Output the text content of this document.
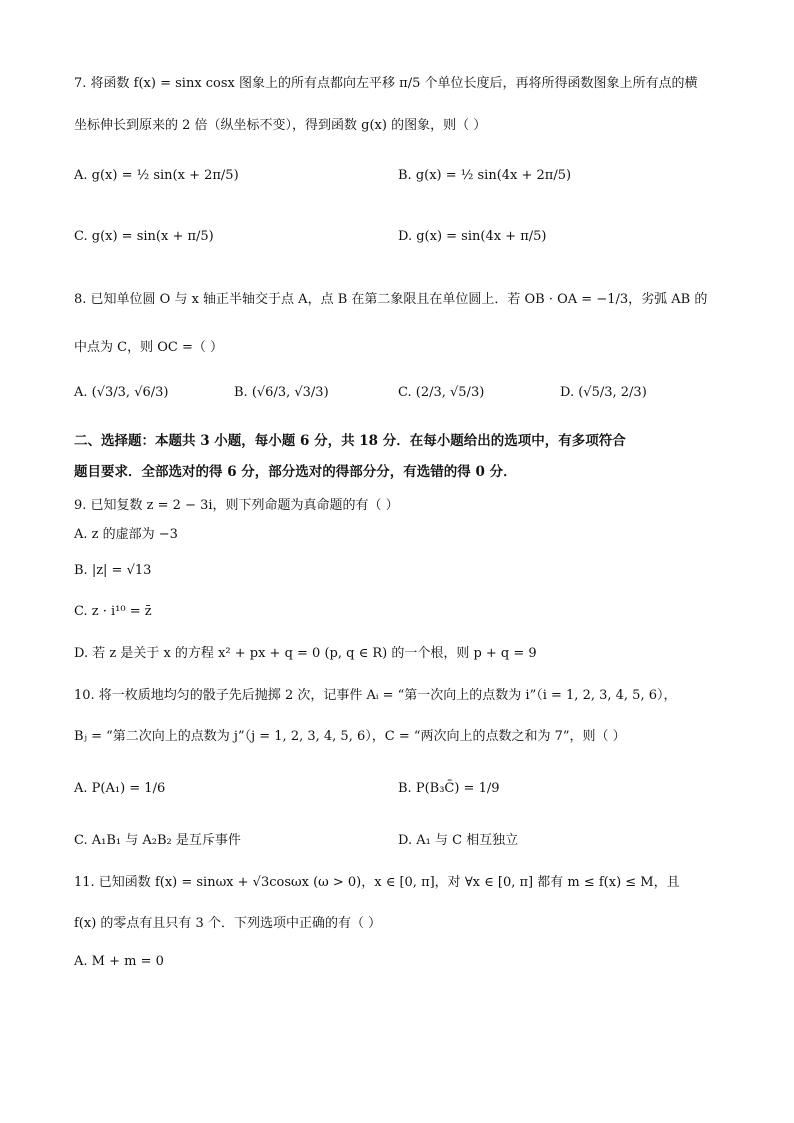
7. 将函数 f(x) = sinx cosx 图象上的所有点都向左平移 π/5 个单位长度后，再将所得函数图象上所有点的横
坐标伸长到原来的 2 倍（纵坐标不变），得到函数 g(x) 的图象，则（ ）
A. g(x) = ½ sin(x + 2π/5)	B. g(x) = ½ sin(4x + 2π/5)
C. g(x) = sin(x + π/5)	D. g(x) = sin(4x + π/5)
8. 已知单位圆 O 与 x 轴正半轴交于点 A，点 B 在第二象限且在单位圆上．若 OB · OA = −1/3，劣弧 AB 的
中点为 C，则 OC =（ ）
A. (√3/3, √6/3)	B. (√6/3, √3/3)	C. (2/3, √5/3)	D. (√5/3, 2/3)
二、选择题：本题共 3 小题，每小题 6 分，共 18 分．在每小题给出的选项中，有多项符合
题目要求．全部选对的得 6 分，部分选对的得部分分，有选错的得 0 分．
9. 已知复数 z = 2 − 3i，则下列命题为真命题的有（ ）
A. z 的虚部为 −3
B. |z| = √13
C. z · i¹⁰ = z̄
D. 若 z 是关于 x 的方程 x² + px + q = 0 (p, q ∈ R) 的一个根，则 p + q = 9
10. 将一枚质地均匀的骰子先后抛掷 2 次，记事件 Aᵢ = “第一次向上的点数为 i”（i = 1, 2, 3, 4, 5, 6），
Bⱼ = “第二次向上的点数为 j”（j = 1, 2, 3, 4, 5, 6），C = “两次向上的点数之和为 7”，则（ ）
A. P(A₁) = 1/6	B. P(B₃C̄) = 1/9
C. A₁B₁ 与 A₂B₂ 是互斥事件	D. A₁ 与 C 相互独立
11. 已知函数 f(x) = sinωx + √3cosωx (ω > 0)，x ∈ [0, π]，对 ∀x ∈ [0, π] 都有 m ≤ f(x) ≤ M，且
f(x) 的零点有且只有 3 个．下列选项中正确的有（ ）
A. M + m = 0
